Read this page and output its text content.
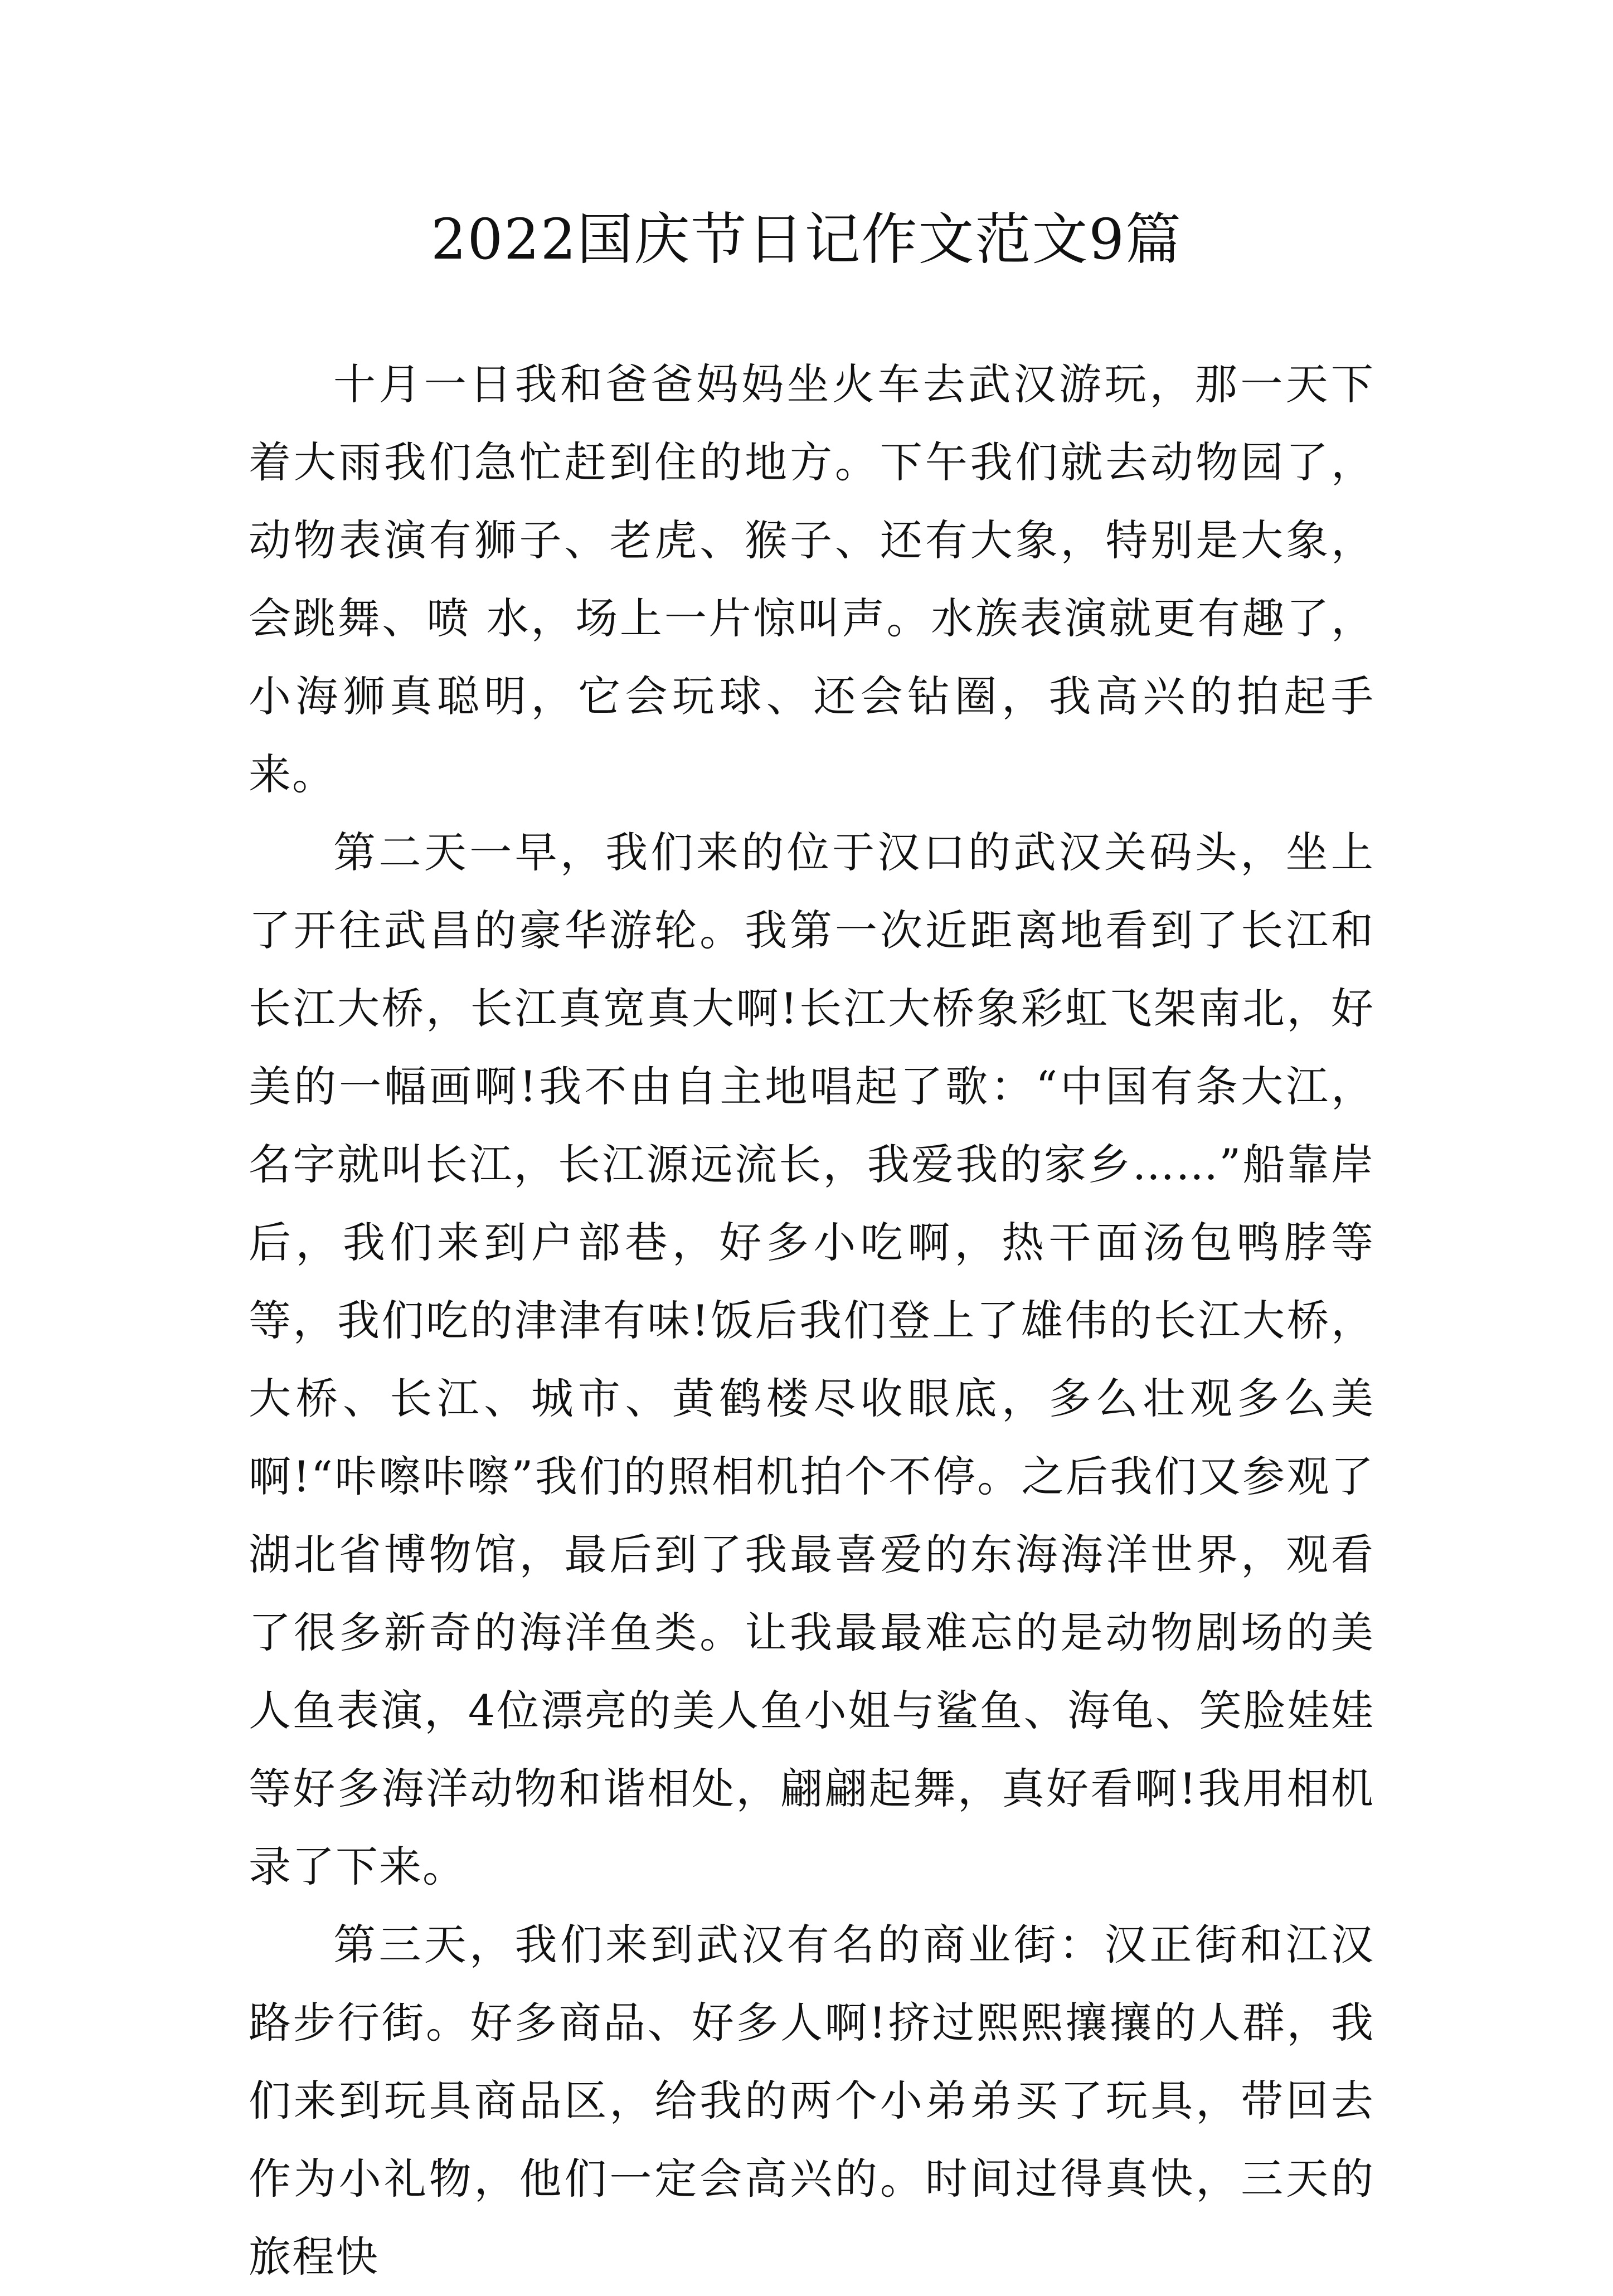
2022国庆节日记作文范文9篇

十月一日我和爸爸妈妈坐火车去武汉游玩，那一天下着大雨我们急忙赶到住的地方。下午我们就去动物园了，动物表演有狮子、老虎、猴子、还有大象，特别是大象，会跳舞、喷 水，场上一片惊叫声。水族表演就更有趣了，小海狮真聪明，它会玩球、还会钻圈，我高兴的拍起手来。

第二天一早，我们来的位于汉口的武汉关码头，坐上了开往武昌的豪华游轮。我第一次近距离地看到了长江和长江大桥，长江真宽真大啊!长江大桥象彩虹飞架南北，好美的一幅画啊!我不由自主地唱起了歌：“中国有条大江，名字就叫长江，长江源远流长，我爱我的家乡……”船靠岸后，我们来到户部巷，好多小吃啊，热干面汤包鸭脖等等，我们吃的津津有味!饭后我们登上了雄伟的长江大桥，大桥、长江、城市、黄鹤楼尽收眼底，多么壮观多么美啊!“咔嚓咔嚓”我们的照相机拍个不停。之后我们又参观了湖北省博物馆，最后到了我最喜爱的东海海洋世界，观看了很多新奇的海洋鱼类。让我最最难忘的是动物剧场的美人鱼表演，4位漂亮的美人鱼小姐与鲨鱼、海龟、笑脸娃娃等好多海洋动物和谐相处，翩翩起舞，真好看啊!我用相机录了下来。

第三天，我们来到武汉有名的商业街：汉正街和江汉路步行街。好多商品、好多人啊!挤过熙熙攘攘的人群，我们来到玩具商品区，给我的两个小弟弟买了玩具，带回去作为小礼物，他们一定会高兴的。时间过得真快，三天的旅程快
